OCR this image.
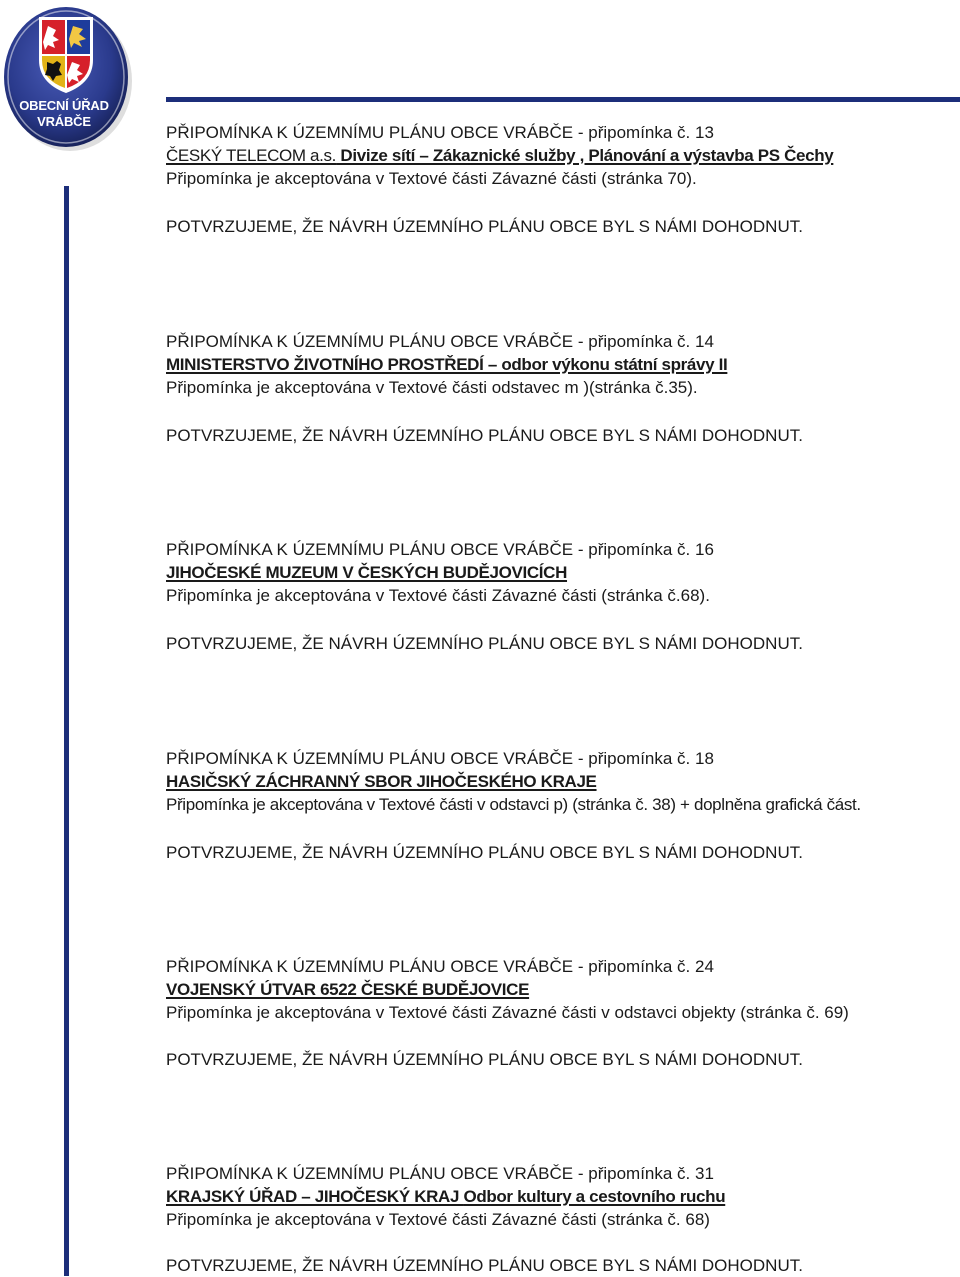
OBECNÍ ÚŘAD
VRÁBČE
PŘIPOMÍNKA K ÚZEMNÍMU PLÁNU OBCE VRÁBČE - připomínka č. 13
ČESKÝ TELECOM a.s. Divize sítí – Zákaznické služby , Plánování a výstavba PS Čechy
Připomínka je akceptována v Textové části Závazné části (stránka 70).
POTVRZUJEME, ŽE NÁVRH ÚZEMNÍHO PLÁNU OBCE BYL S NÁMI DOHODNUT.
PŘIPOMÍNKA K ÚZEMNÍMU PLÁNU OBCE VRÁBČE - připomínka č. 14
MINISTERSTVO ŽIVOTNÍHO PROSTŘEDÍ – odbor výkonu státní správy II
Připomínka je akceptována v Textové části odstavec m )(stránka č.35).
POTVRZUJEME, ŽE NÁVRH ÚZEMNÍHO PLÁNU OBCE BYL S NÁMI DOHODNUT.
PŘIPOMÍNKA K ÚZEMNÍMU PLÁNU OBCE VRÁBČE - připomínka č. 16
JIHOČESKÉ MUZEUM V ČESKÝCH BUDĚJOVICÍCH
Připomínka je akceptována v Textové části Závazné části (stránka č.68).
POTVRZUJEME, ŽE NÁVRH ÚZEMNÍHO PLÁNU OBCE BYL S NÁMI DOHODNUT.
PŘIPOMÍNKA K ÚZEMNÍMU PLÁNU OBCE VRÁBČE - připomínka č. 18
HASIČSKÝ ZÁCHRANNÝ SBOR JIHOČESKÉHO KRAJE
Připomínka je akceptována v Textové části v odstavci p) (stránka č. 38) + doplněna grafická část.
POTVRZUJEME, ŽE NÁVRH ÚZEMNÍHO PLÁNU OBCE BYL S NÁMI DOHODNUT.
PŘIPOMÍNKA K ÚZEMNÍMU PLÁNU OBCE VRÁBČE - připomínka č. 24
VOJENSKÝ ÚTVAR 6522 ČESKÉ BUDĚJOVICE
Připomínka je akceptována v Textové části Závazné části v odstavci objekty (stránka č. 69)
POTVRZUJEME, ŽE NÁVRH ÚZEMNÍHO PLÁNU OBCE BYL S NÁMI DOHODNUT.
PŘIPOMÍNKA K ÚZEMNÍMU PLÁNU OBCE VRÁBČE - připomínka č. 31
KRAJSKÝ ÚŘAD – JIHOČESKÝ KRAJ Odbor kultury a cestovního ruchu
Připomínka je akceptována v Textové části Závazné části (stránka č. 68)
POTVRZUJEME, ŽE NÁVRH ÚZEMNÍHO PLÁNU OBCE BYL S NÁMI DOHODNUT.
